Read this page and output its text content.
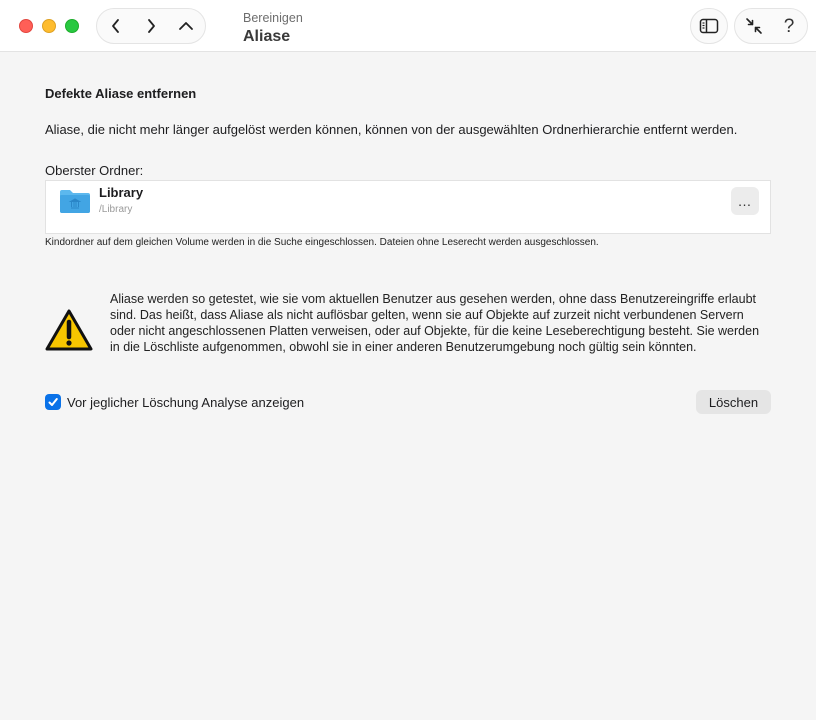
Bereinigen
Aliase	?
Defekte Aliase entfernen
Aliase, die nicht mehr länger aufgelöst werden können, können von der ausgewählten Ordnerhierarchie entfernt werden.
Oberster Ordner:
Library
/Library
…
Kindordner auf dem gleichen Volume werden in die Suche eingeschlossen. Dateien ohne Leserecht werden ausgeschlossen.
Aliase werden so getestet, wie sie vom aktuellen Benutzer aus gesehen werden, ohne dass Benutzereingriffe erlaubt sind. Das heißt, dass Aliase als nicht auflösbar gelten, wenn sie auf Objekte auf zurzeit nicht verbundenen Servern oder nicht angeschlossenen Platten verweisen, oder auf Objekte, für die keine Leseberechtigung besteht. Sie werden in die Löschliste aufgenommen, obwohl sie in einer anderen Benutzerumgebung noch gültig sein könnten.
Vor jeglicher Löschung Analyse anzeigen	Löschen
